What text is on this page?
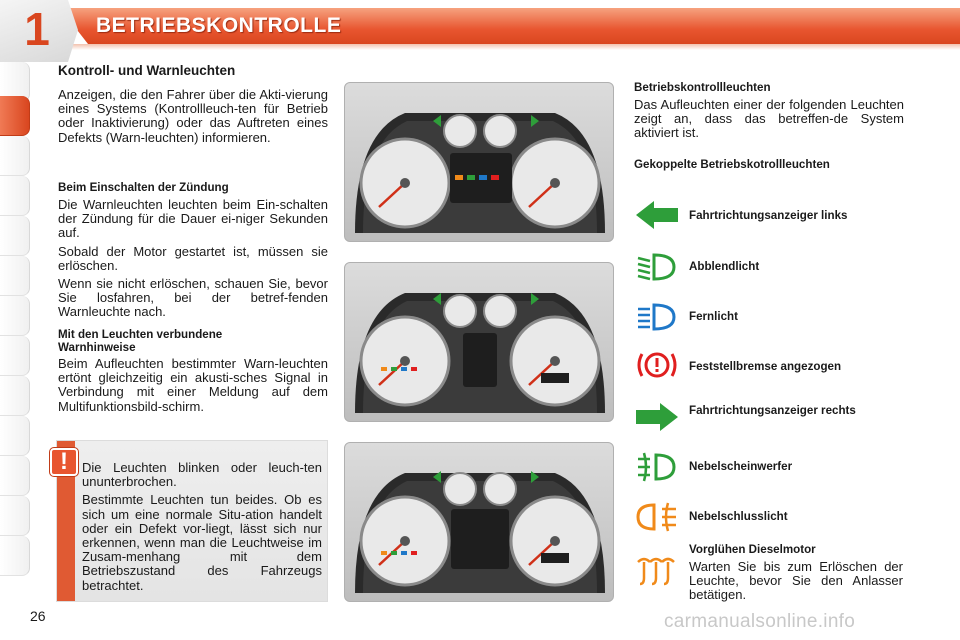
1	BETRIEBSKONTROLLE
Kontroll- und Warnleuchten

Anzeigen, die den Fahrer über die Akti-vierung eines Systems (Kontrollleuch-ten für Betrieb oder Inaktivierung) oder das Auftreten eines Defekts (Warn-leuchten) informieren.

Beim Einschalten der Zündung

Die Warnleuchten leuchten beim Ein-schalten der Zündung für die Dauer ei-niger Sekunden auf.

Sobald der Motor gestartet ist, müssen sie erlöschen.

Wenn sie nicht erlöschen, schauen Sie, bevor Sie losfahren, bei der betref-fenden Warnleuchte nach.

Mit den Leuchten verbundene Warnhinweise

Beim Aufleuchten bestimmter Warn-leuchten ertönt gleichzeitig ein akusti-sches Signal in Verbindung mit einer Meldung auf dem Multifunktionsbild-schirm.

!	Die Leuchten blinken oder leuch-ten ununterbrochen.

Bestimmte Leuchten tun beides. Ob es sich um eine normale Situ-ation handelt oder ein Defekt vor-liegt, lässt sich nur erkennen, wenn man die Leuchtweise im Zusam-menhang mit dem Betriebszustand des Fahrzeugs betrachtet.

Betriebskontrollleuchten

Das Aufleuchten einer der folgenden Leuchten zeigt an, dass das betreffen-de System aktiviert ist.

Gekoppelte Betriebskotrollleuchten
Fahrtrichtungsanzeiger links
Abblendlicht
Fernlicht
Feststellbremse angezogen
Fahrtrichtungsanzeiger rechts
Nebelscheinwerfer
Nebelschlusslicht
Vorglühen Dieselmotor
Warten Sie bis zum Erlöschen der Leuchte, bevor Sie den Anlasser betätigen.
26	carmanualsonline.info
